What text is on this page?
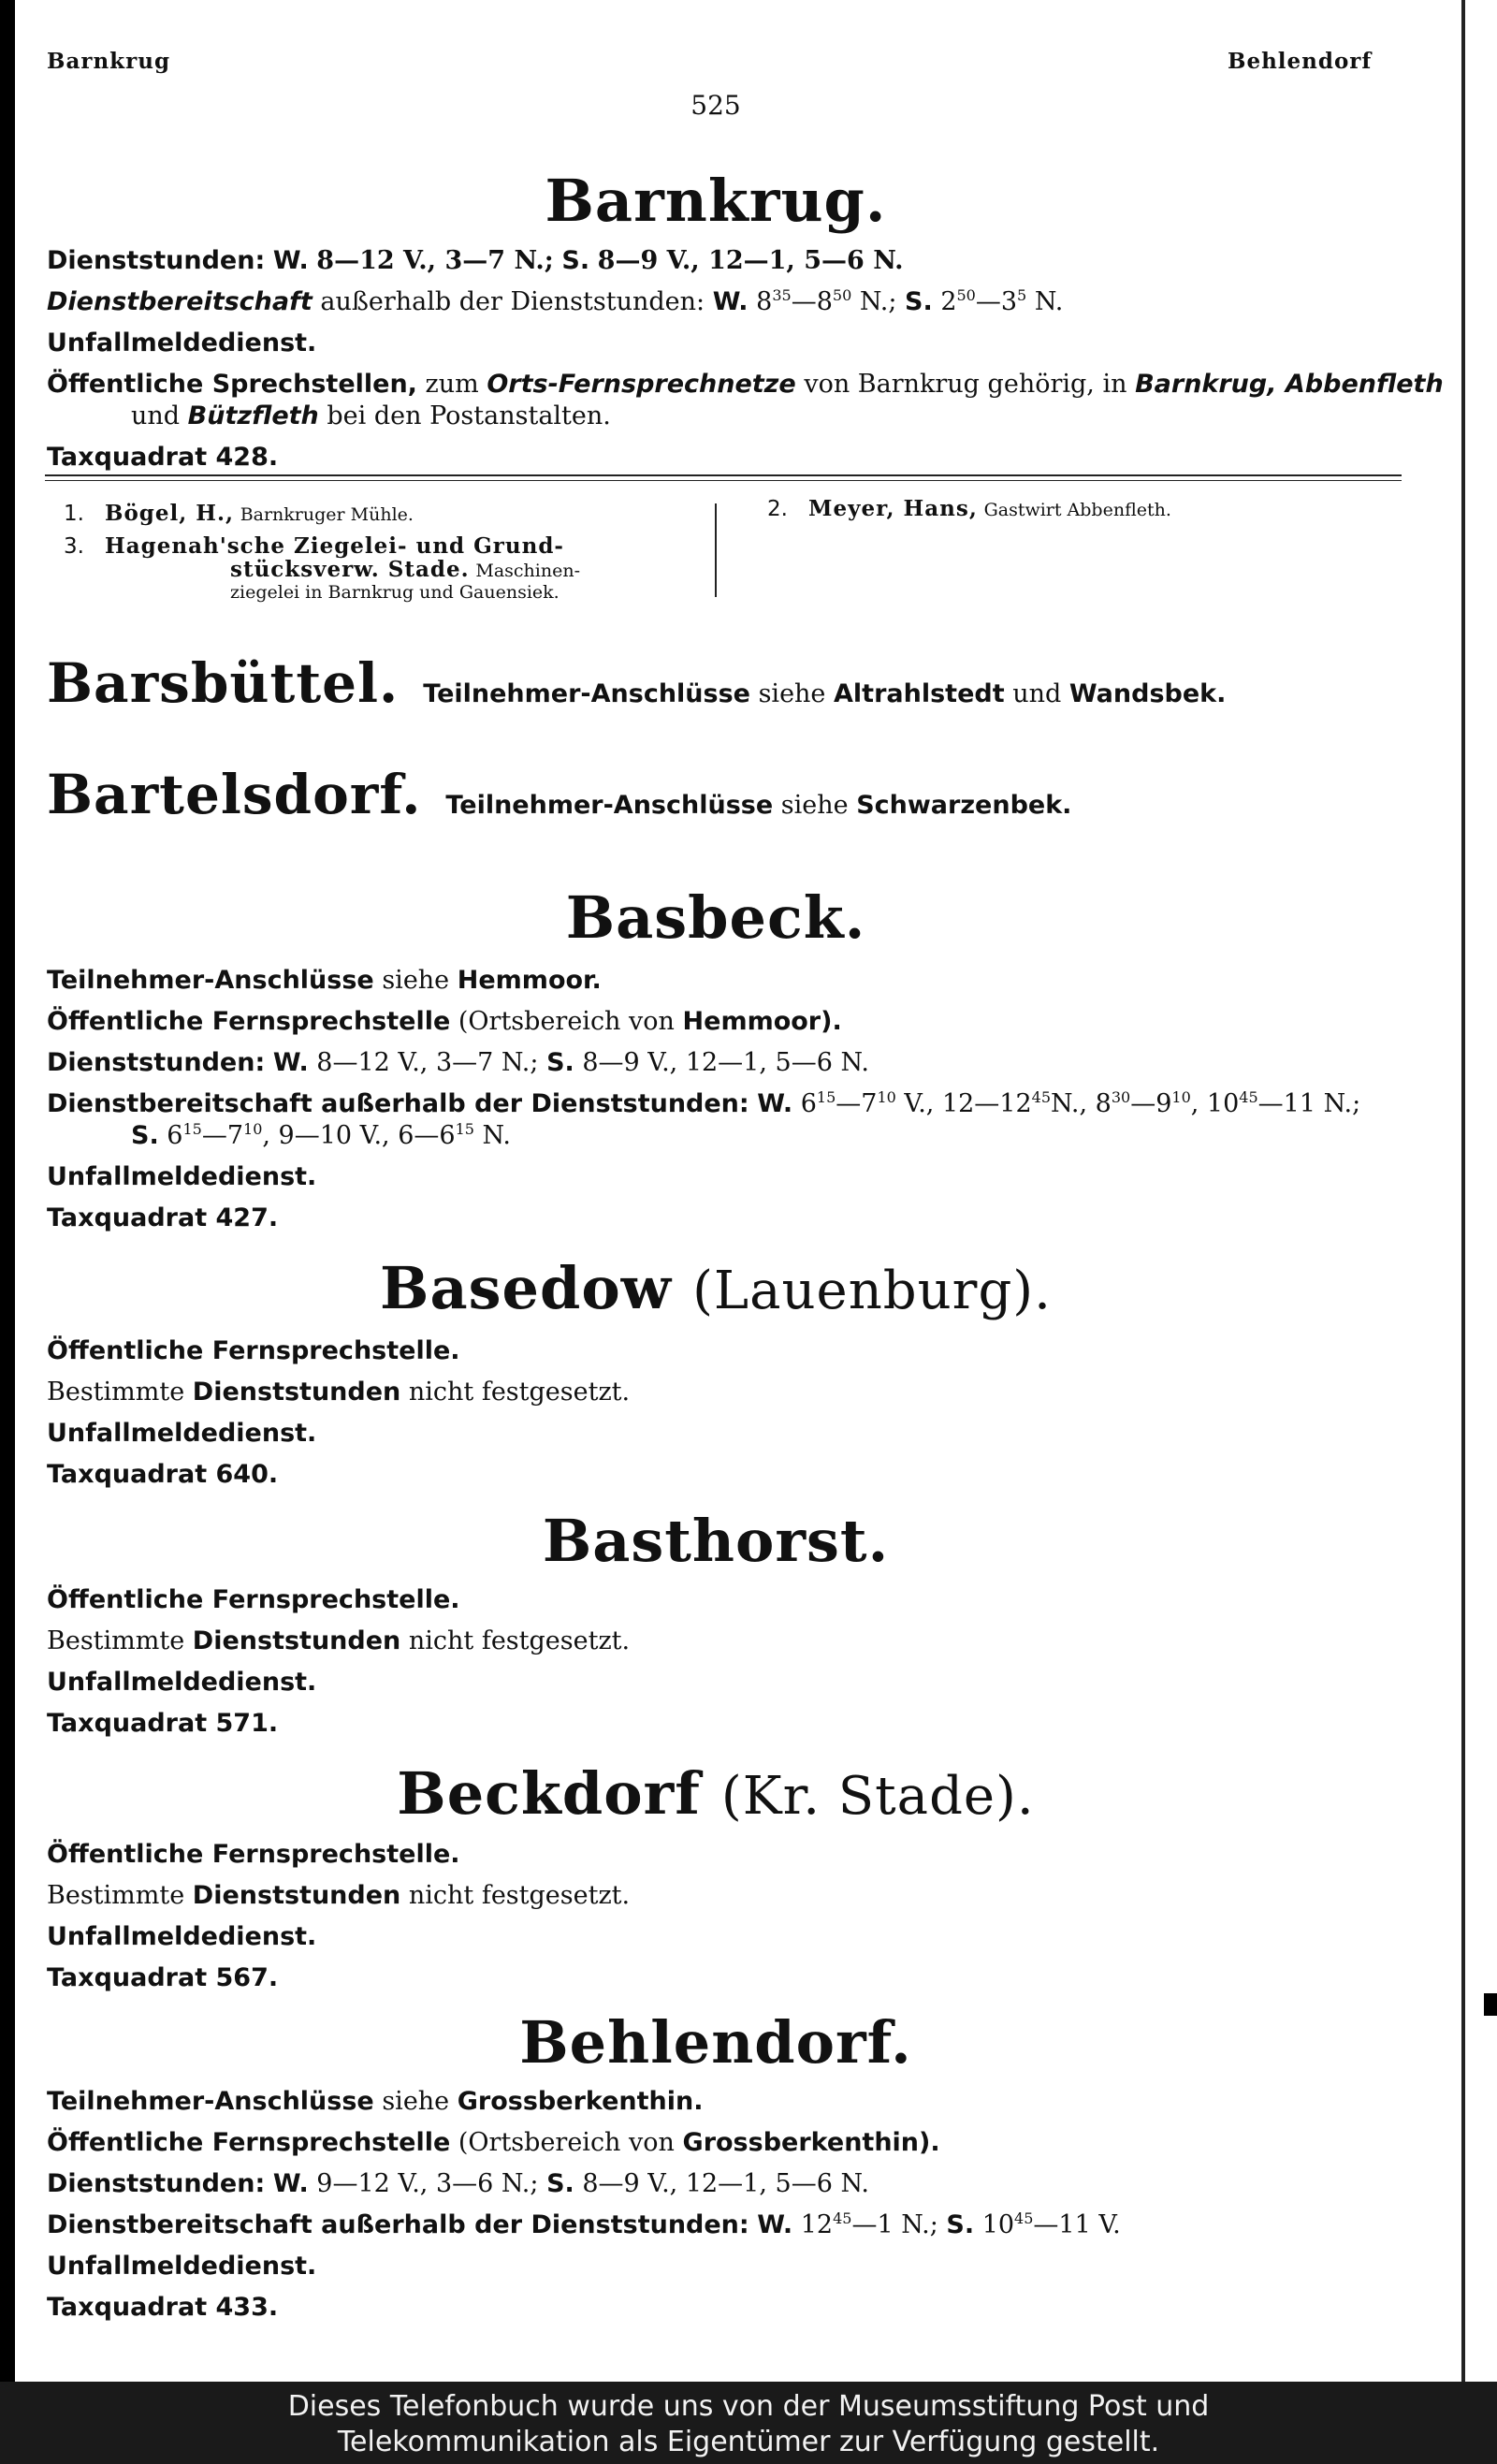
Barnkrug	Behlendorf
525
Barnkrug.
Dienststunden: W. 8—12 V., 3—7 N.; S. 8—9 V., 12—1, 5—6 N.
Dienstbereitschaft außerhalb der Dienststunden: W. $8^{35}—8^{50}$ N.; S. $2^{50}—3^5$ N.
Unfallmeldedienst.
Öffentliche Sprechstellen, zum Orts-Fernsprechnetze von Barnkrug gehörig, in Barnkrug, Abbenfleth
und Bützfleth bei den Postanstalten.
Taxquadrat 428.
1. Bögel, H., Barnkruger Mühle.
3. Hagenah'sche Ziegelei- und Grund-
stücksverw. Stade. Maschinen-
ziegelei in Barnkrug und Gauensiek.
2. Meyer, Hans, Gastwirt Abbenfleth.
Barsbüttel. Teilnehmer-Anschlüsse siehe Altrahlstedt und Wandsbek.
Bartelsdorf. Teilnehmer-Anschlüsse siehe Schwarzenbek.
Basbeck.
Teilnehmer-Anschlüsse siehe Hemmoor.
Öffentliche Fernsprechstelle (Ortsbereich von Hemmoor).
Dienststunden: W. 8—12 V., 3—7 N.; S. 8—9 V., 12—1, 5—6 N.
Dienstbereitschaft außerhalb der Dienststunden: W. $6^{15}—7^{10}$ V., $12—12^{45}N$., $8^{30}—9^{10}$, $10^{45}—11$ N.;
S. $6^{15}—7^{10}$, 9—10 V., $6—6^{15}$ N.
Unfallmeldedienst.
Taxquadrat 427.
Basedow (Lauenburg).
Öffentliche Fernsprechstelle.
Bestimmte Dienststunden nicht festgesetzt.
Unfallmeldedienst.
Taxquadrat 640.
Basthorst.
Öffentliche Fernsprechstelle.
Bestimmte Dienststunden nicht festgesetzt.
Unfallmeldedienst.
Taxquadrat 571.
Beckdorf (Kr. Stade).
Öffentliche Fernsprechstelle.
Bestimmte Dienststunden nicht festgesetzt.
Unfallmeldedienst.
Taxquadrat 567.
Behlendorf.
Teilnehmer-Anschlüsse siehe Grossberkenthin.
Öffentliche Fernsprechstelle (Ortsbereich von Grossberkenthin).
Dienststunden: W. 9—12 V., 3—6 N.; S. 8—9 V., 12—1, 5—6 N.
Dienstbereitschaft außerhalb der Dienststunden: W. $12^{45}—1$ N.; S. $10^{45}—11$ V.
Unfallmeldedienst.
Taxquadrat 433.
Dieses Telefonbuch wurde uns von der Museumsstiftung Post und
Telekommunikation als Eigentümer zur Verfügung gestellt.
